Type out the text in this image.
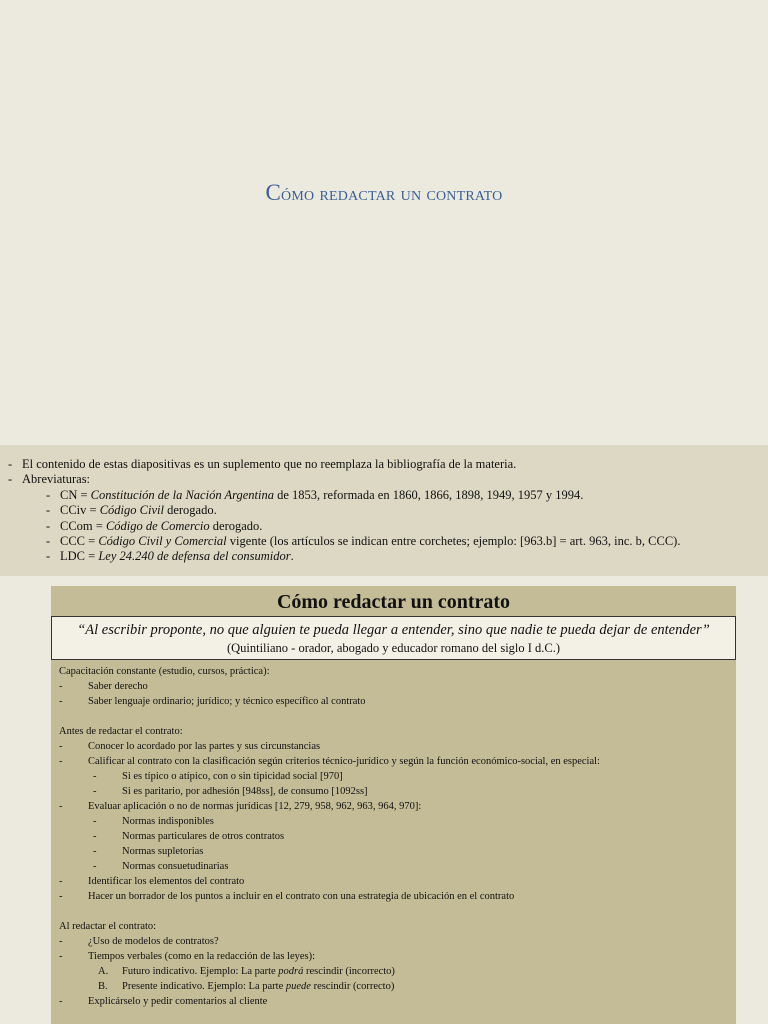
Cómo redactar un contrato
- El contenido de estas diapositivas es un suplemento que no reemplaza la bibliografía de la materia.
- Abreviaturas:
- CN = Constitución de la Nación Argentina de 1853, reformada en 1860, 1866, 1898, 1949, 1957 y 1994.
- CCiv = Código Civil derogado.
- CCom = Código de Comercio derogado.
- CCC = Código Civil y Comercial vigente (los artículos se indican entre corchetes; ejemplo: [963.b] = art. 963, inc. b, CCC).
- LDC = Ley 24.240 de defensa del consumidor.
Cómo redactar un contrato
“Al escribir proponte, no que alguien te pueda llegar a entender, sino que nadie te pueda dejar de entender”
(Quintiliano - orador, abogado y educador romano del siglo I d.C.)
Capacitación constante (estudio, cursos, práctica):
- Saber derecho
- Saber lenguaje ordinario; jurídico; y técnico específico al contrato
Antes de redactar el contrato:
- Conocer lo acordado por las partes y sus circunstancias
- Calificar al contrato con la clasificación según criterios técnico-jurídico y según la función económico-social, en especial:
- Si es típico o atípico, con o sin tipicidad social [970]
- Si es paritario, por adhesión [948ss], de consumo [1092ss]
- Evaluar aplicación o no de normas jurídicas [12, 279, 958, 962, 963, 964, 970]:
- Normas indisponibles
- Normas particulares de otros contratos
- Normas supletorias
- Normas consuetudinarias
- Identificar los elementos del contrato
- Hacer un borrador de los puntos a incluir en el contrato con una estrategia de ubicación en el contrato
Al redactar el contrato:
- ¿Uso de modelos de contratos?
- Tiempos verbales (como en la redacción de las leyes):
A. Futuro indicativo. Ejemplo: La parte podrá rescindir (incorrecto)
B. Presente indicativo. Ejemplo: La parte puede rescindir (correcto)
- Explicárselo y pedir comentarios al cliente
